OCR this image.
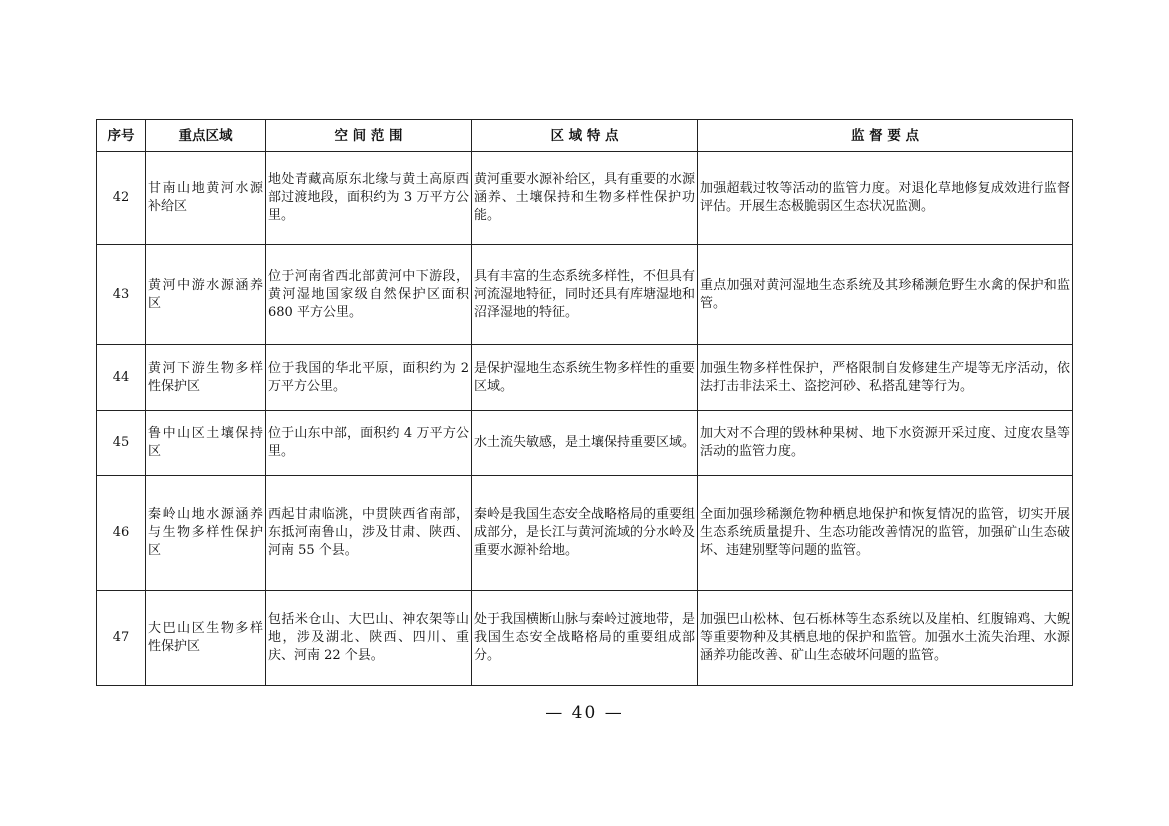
序号	重点区域	空 间 范 围	区 域 特 点	监 督 要 点
42	甘南山地黄河水源补给区	地处青藏高原东北缘与黄土高原西部过渡地段，面积约为 3 万平方公里。	黄河重要水源补给区，具有重要的水源涵养、土壤保持和生物多样性保护功能。	加强超载过牧等活动的监管力度。对退化草地修复成效进行监督评估。开展生态极脆弱区生态状况监测。
43	黄河中游水源涵养区	位于河南省西北部黄河中下游段，黄河湿地国家级自然保护区面积 680 平方公里。	具有丰富的生态系统多样性，不但具有河流湿地特征，同时还具有库塘湿地和沼泽湿地的特征。	重点加强对黄河湿地生态系统及其珍稀濒危野生水禽的保护和监管。
44	黄河下游生物多样性保护区	位于我国的华北平原，面积约为 2 万平方公里。	是保护湿地生态系统生物多样性的重要区域。	加强生物多样性保护，严格限制自发修建生产堤等无序活动，依法打击非法采土、盗挖河砂、私搭乱建等行为。
45	鲁中山区土壤保持区	位于山东中部，面积约 4 万平方公里。	水土流失敏感，是土壤保持重要区域。	加大对不合理的毁林种果树、地下水资源开采过度、过度农垦等活动的监管力度。
46	秦岭山地水源涵养与生物多样性保护区	西起甘肃临洮，中贯陕西省南部，东抵河南鲁山，涉及甘肃、陕西、河南 55 个县。	秦岭是我国生态安全战略格局的重要组成部分，是长江与黄河流域的分水岭及重要水源补给地。	全面加强珍稀濒危物种栖息地保护和恢复情况的监管，切实开展生态系统质量提升、生态功能改善情况的监管，加强矿山生态破坏、违建别墅等问题的监管。
47	大巴山区生物多样性保护区	包括米仓山、大巴山、神农架等山地，涉及湖北、陕西、四川、重庆、河南 22 个县。	处于我国横断山脉与秦岭过渡地带，是我国生态安全战略格局的重要组成部分。	加强巴山松林、包石栎林等生态系统以及崖柏、红腹锦鸡、大鲵等重要物种及其栖息地的保护和监管。加强水土流失治理、水源涵养功能改善、矿山生态破坏问题的监管。
— 40 —
